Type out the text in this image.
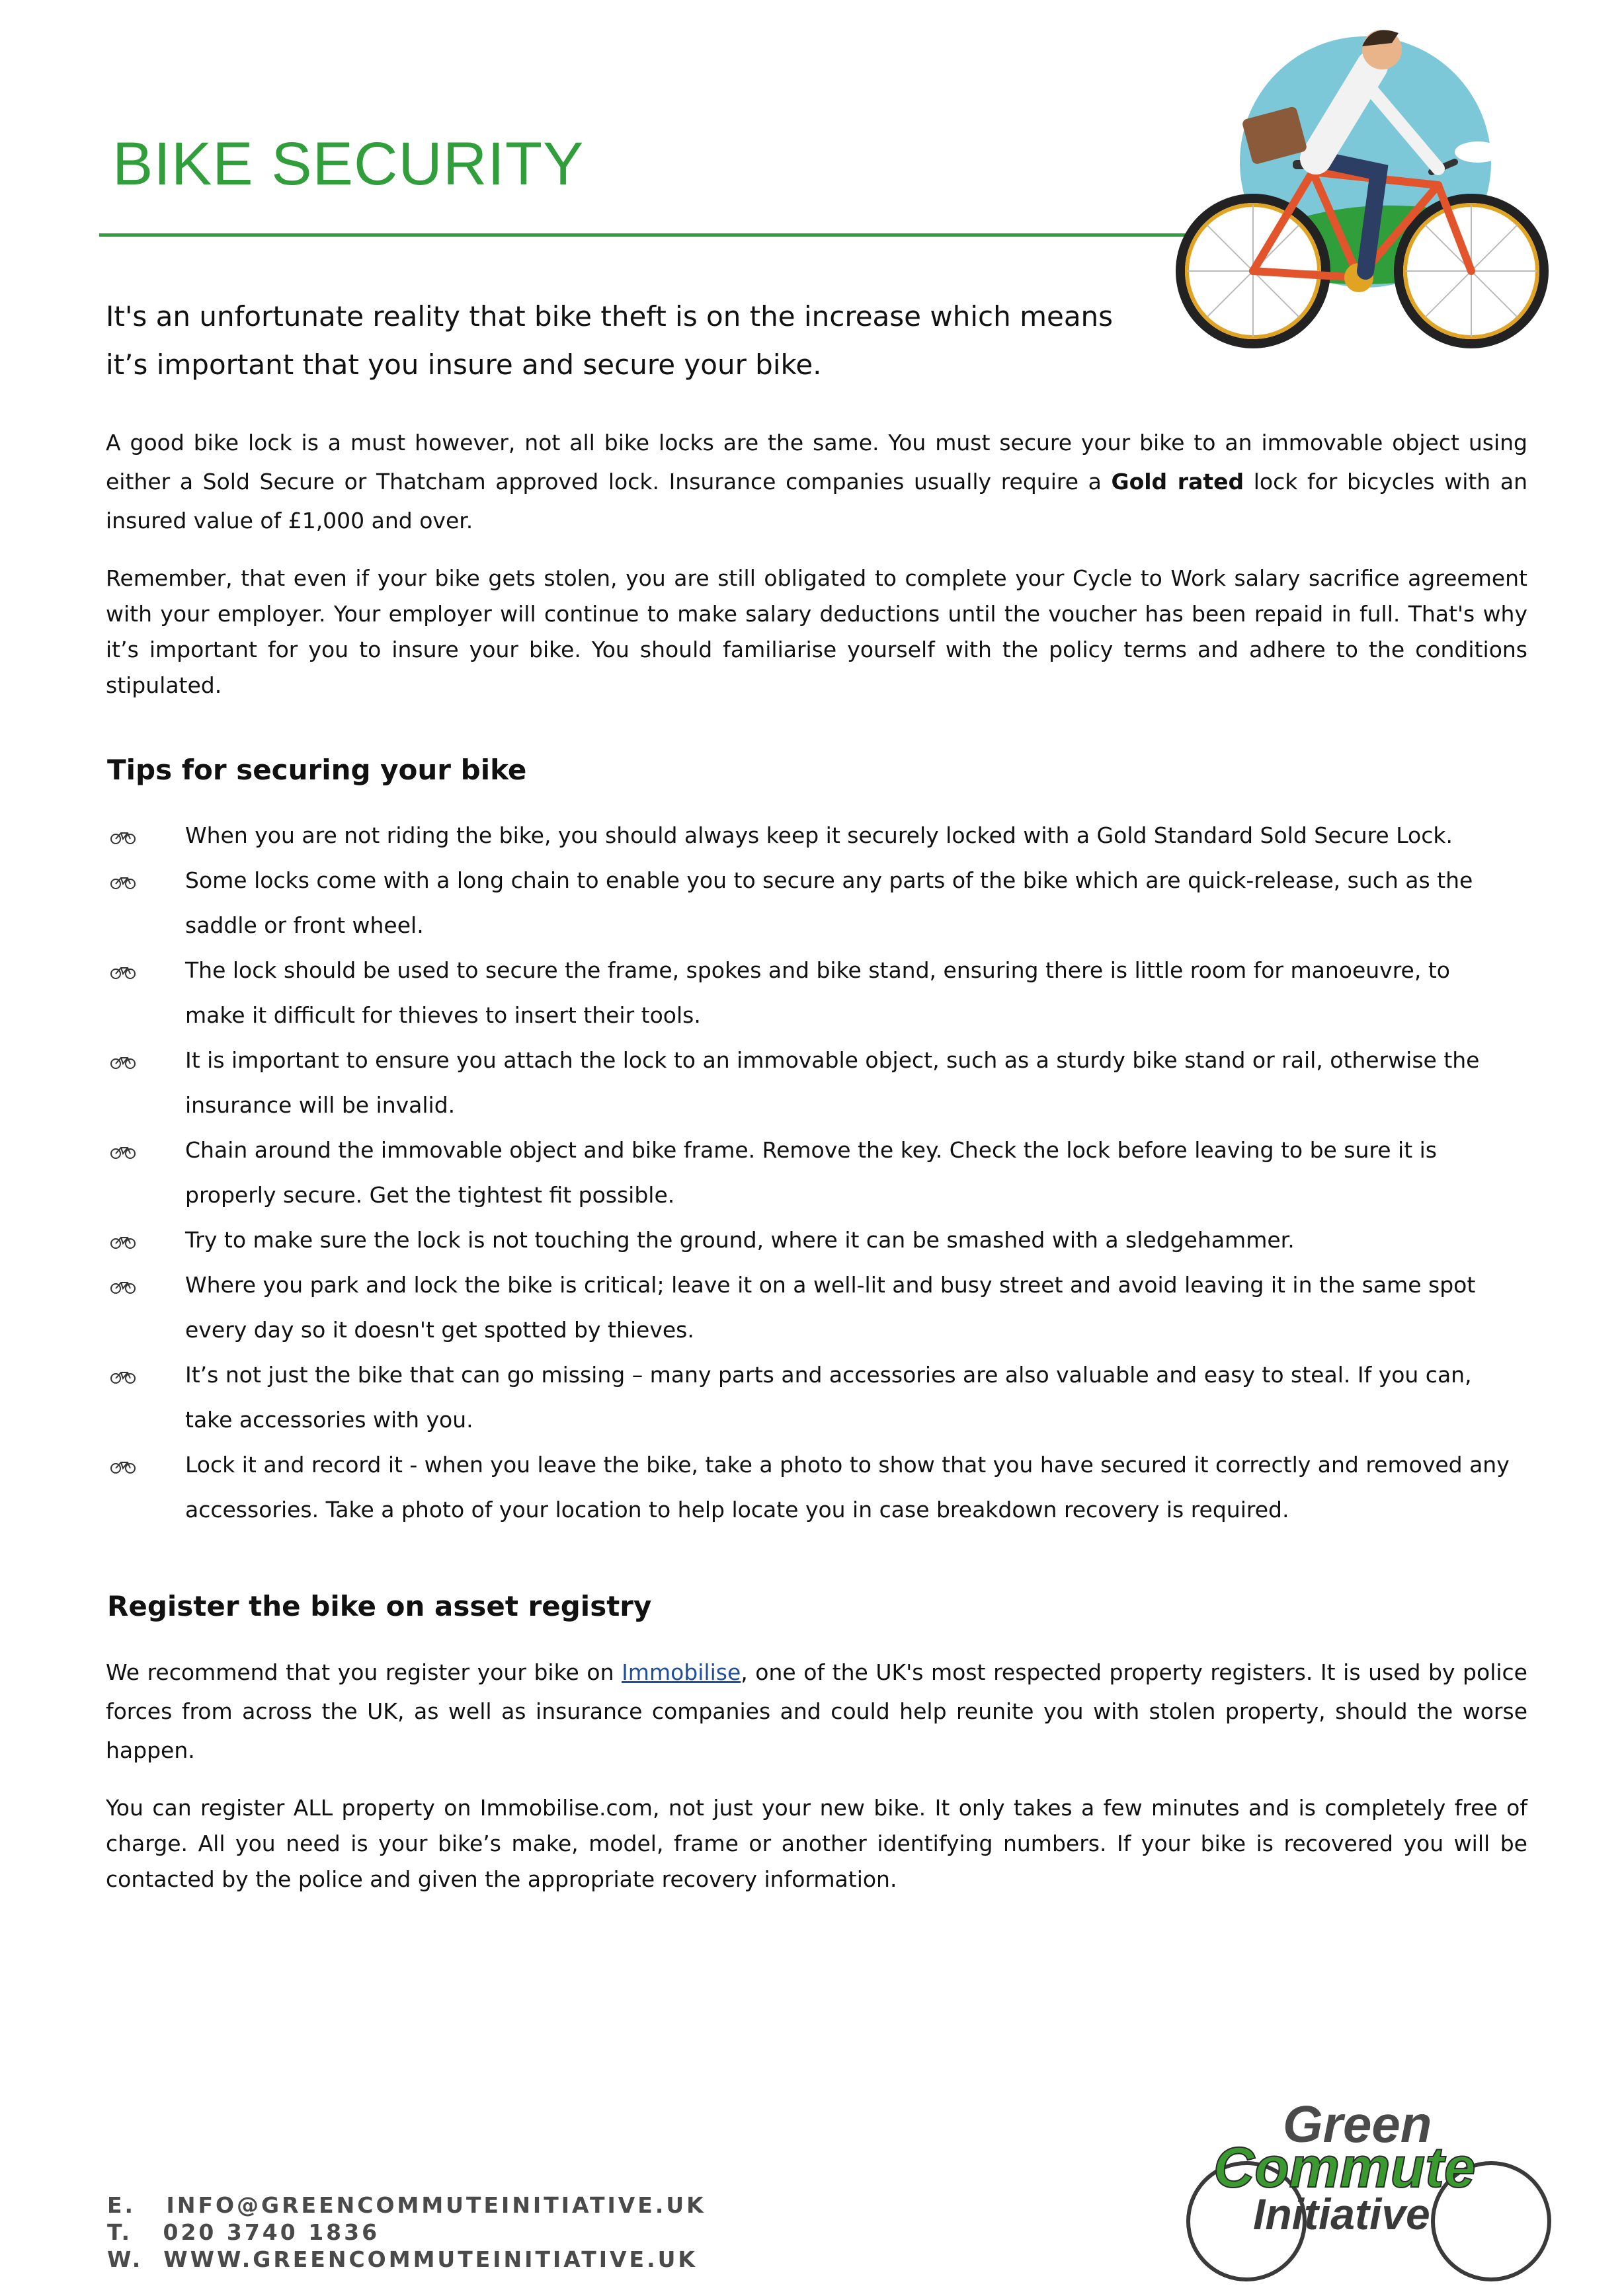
BIKE SECURITY

It's an unfortunate reality that bike theft is on the increase which means it’s important that you insure and secure your bike.

A good bike lock is a must however, not all bike locks are the same. You must secure your bike to an immovable object using either a Sold Secure or Thatcham approved lock. Insurance companies usually require a Gold rated lock for bicycles with an insured value of £1,000 and over.

Remember, that even if your bike gets stolen, you are still obligated to complete your Cycle to Work salary sacrifice agreement with your employer. Your employer will continue to make salary deductions until the voucher has been repaid in full. That's why it’s important for you to insure your bike. You should familiarise yourself with the policy terms and adhere to the conditions stipulated.

Tips for securing your bike
When you are not riding the bike, you should always keep it securely locked with a Gold Standard Sold Secure Lock.
Some locks come with a long chain to enable you to secure any parts of the bike which are quick-release, such as the saddle or front wheel.
The lock should be used to secure the frame, spokes and bike stand, ensuring there is little room for manoeuvre, to make it difficult for thieves to insert their tools.
It is important to ensure you attach the lock to an immovable object, such as a sturdy bike stand or rail, otherwise the insurance will be invalid.
Chain around the immovable object and bike frame. Remove the key. Check the lock before leaving to be sure it is properly secure. Get the tightest fit possible.
Try to make sure the lock is not touching the ground, where it can be smashed with a sledgehammer.
Where you park and lock the bike is critical; leave it on a well-lit and busy street and avoid leaving it in the same spot every day so it doesn't get spotted by thieves.
It’s not just the bike that can go missing – many parts and accessories are also valuable and easy to steal. If you can, take accessories with you.
Lock it and record it - when you leave the bike, take a photo to show that you have secured it correctly and removed any accessories. Take a photo of your location to help locate you in case breakdown recovery is required.
Register the bike on asset registry

We recommend that you register your bike on Immobilise, one of the UK's most respected property registers. It is used by police forces from across the UK, as well as insurance companies and could help reunite you with stolen property, should the worse happen.

You can register ALL property on Immobilise.com, not just your new bike. It only takes a few minutes and is completely free of charge. All you need is your bike’s make, model, frame or another identifying numbers. If your bike is recovered you will be contacted by the police and given the appropriate recovery information.

E.   INFO@GREENCOMMUTEINITIATIVE.UK
T.   020 3740 1836
W.  WWW.GREENCOMMUTEINITIATIVE.UK
Green
Commute
Initiative
